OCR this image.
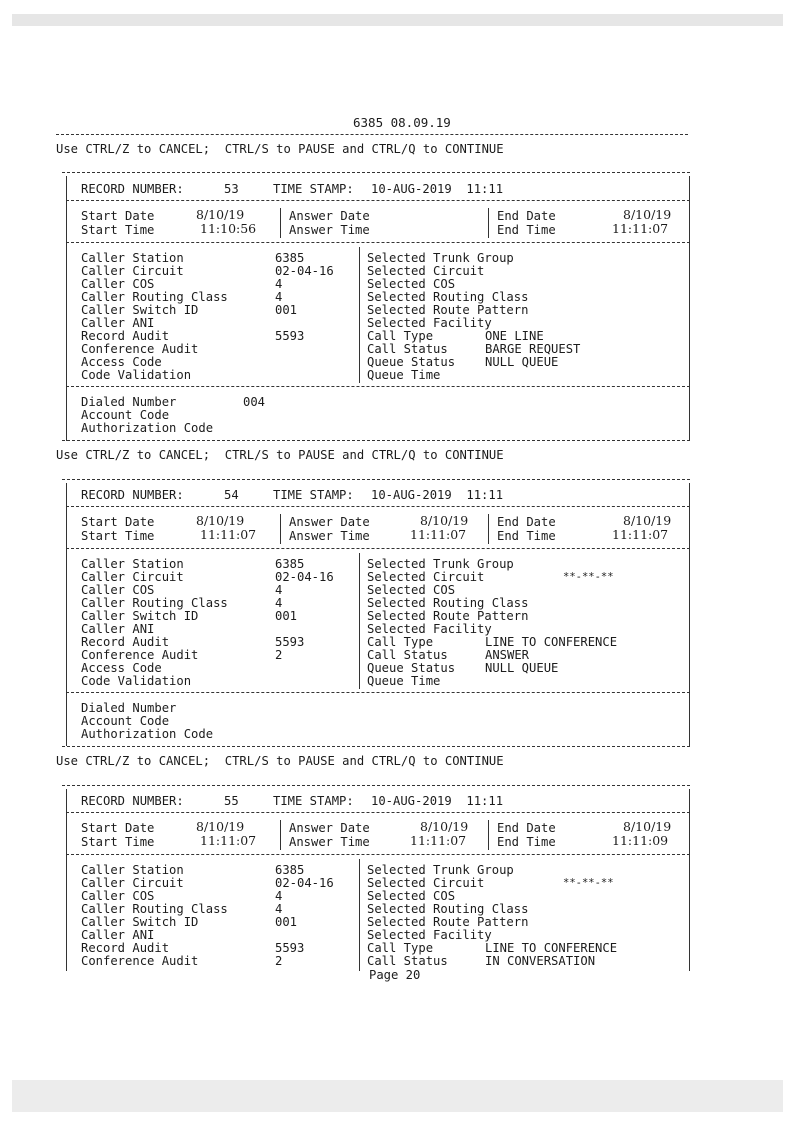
6385 08.09.19
Use CTRL/Z to CANCEL;  CTRL/S to PAUSE and CTRL/Q to CONTINUE
RECORD NUMBER:	53	TIME STAMP: 10-AUG-2019  11:11
Start Date	8/10/19	Answer Date	End Date	8/10/19
Start Time	11:10:56	Answer Time	End Time	11:11:07
Caller Station	6385	Selected Trunk Group
Caller Circuit	02-04-16	Selected Circuit
Caller COS	4	Selected COS
Caller Routing Class	4	Selected Routing Class
Caller Switch ID	001	Selected Route Pattern
Caller ANI	Selected Facility
Record Audit	5593	Call Type	ONE LINE
Conference Audit	Call Status	BARGE REQUEST
Access Code	Queue Status NULL QUEUE
Code Validation	Queue Time
Dialed Number	004
Account Code
Authorization Code
Use CTRL/Z to CANCEL;  CTRL/S to PAUSE and CTRL/Q to CONTINUE
RECORD NUMBER:	54	TIME STAMP: 10-AUG-2019  11:11
Start Date	8/10/19	Answer Date	8/10/19 End Date	8/10/19
Start Time	11:11:07	Answer Time	11:11:07	End Time	11:11:07
Caller Station	6385	Selected Trunk Group
Caller Circuit	02-04-16	Selected Circuit	**-**-**
Caller COS	4	Selected COS
Caller Routing Class	4	Selected Routing Class
Caller Switch ID	001	Selected Route Pattern
Caller ANI	Selected Facility
Record Audit	5593	Call Type	LINE TO CONFERENCE
Conference Audit	2	Call Status	ANSWER
Access Code	Queue Status NULL QUEUE
Code Validation	Queue Time
Dialed Number
Account Code
Authorization Code
Use CTRL/Z to CANCEL;  CTRL/S to PAUSE and CTRL/Q to CONTINUE
RECORD NUMBER:	55	TIME STAMP: 10-AUG-2019  11:11
Start Date	8/10/19	Answer Date	8/10/19 End Date	8/10/19
Start Time	11:11:07	Answer Time	11:11:07	End Time	11:11:09
Caller Station	6385	Selected Trunk Group
Caller Circuit	02-04-16	Selected Circuit	**-**-**
Caller COS	4	Selected COS
Caller Routing Class	4	Selected Routing Class
Caller Switch ID	001	Selected Route Pattern
Caller ANI	Selected Facility
Record Audit	5593	Call Type	LINE TO CONFERENCE
Conference Audit	2	Call Status	IN CONVERSATION
Page 20
